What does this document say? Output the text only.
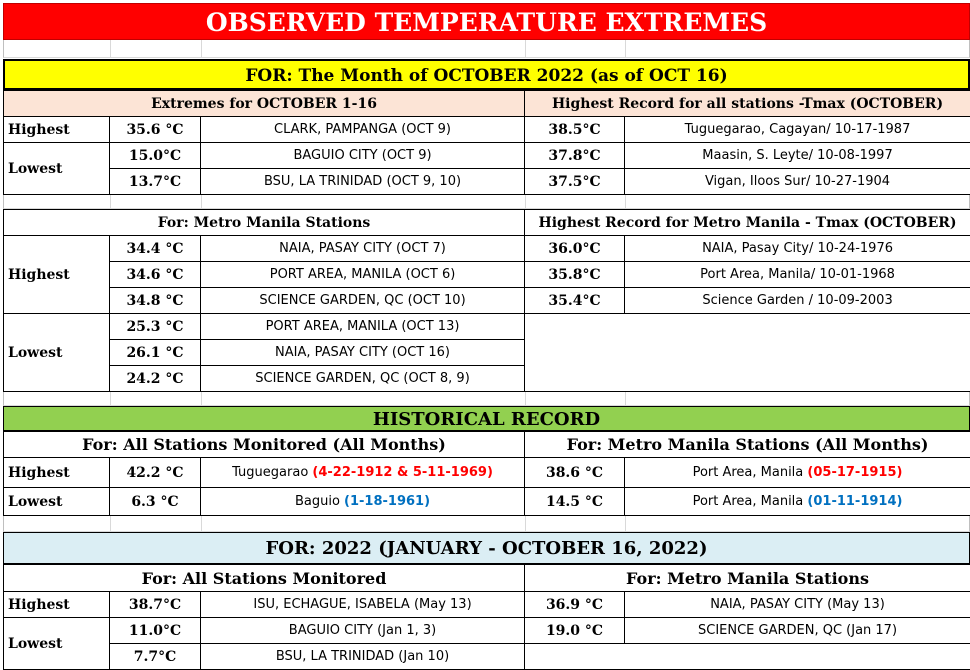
OBSERVED TEMPERATURE EXTREMES
FOR: The Month of OCTOBER 2022 (as of OCT 16)
Extremes for OCTOBER 1-16			Highest Record for all stations -Tmax (OCTOBER)	
Highest	35.6 °C	CLARK, PAMPANGA (OCT 9)	38.5°C	Tuguegarao, Cagayan/ 10-17-1987
Lowest	15.0°C	BAGUIO CITY (OCT 9)	37.8°C	Maasin, S. Leyte/ 10-08-1997
	13.7°C	BSU, LA TRINIDAD (OCT 9, 10)	37.5°C	Vigan, Iloos Sur/ 10-27-1904
For: Metro Manila Stations			Highest Record for Metro Manila - Tmax (OCTOBER)	
Highest	34.4 °C	NAIA, PASAY CITY (OCT 7)	36.0°C	NAIA, Pasay City/ 10-24-1976
	34.6 °C	PORT AREA, MANILA (OCT 6)	35.8°C	Port Area, Manila/ 10-01-1968
	34.8 °C	SCIENCE GARDEN, QC (OCT 10)	35.4°C	Science Garden / 10-09-2003
Lowest	25.3 °C	PORT AREA, MANILA (OCT 13)		
	26.1 °C	NAIA, PASAY CITY (OCT 16)		
	24.2 °C	SCIENCE GARDEN, QC (OCT 8, 9)		
HISTORICAL RECORD
For: All Stations Monitored (All Months)			For: Metro Manila Stations (All Months)	
Highest	42.2 °C	Tuguegarao (4-22-1912 & 5-11-1969)	38.6 °C	Port Area, Manila (05-17-1915)
Lowest	6.3 °C	Baguio (1-18-1961)	14.5 °C	Port Area, Manila (01-11-1914)
FOR: 2022 (JANUARY - OCTOBER 16, 2022)
For: All Stations Monitored			For: Metro Manila Stations	
Highest	38.7°C	ISU, ECHAGUE, ISABELA (May 13)	36.9 °C	NAIA, PASAY CITY (May 13)
Lowest	11.0°C	BAGUIO CITY (Jan 1, 3)	19.0 °C	SCIENCE GARDEN, QC (Jan 17)
	7.7°C	BSU, LA TRINIDAD (Jan 10)		
